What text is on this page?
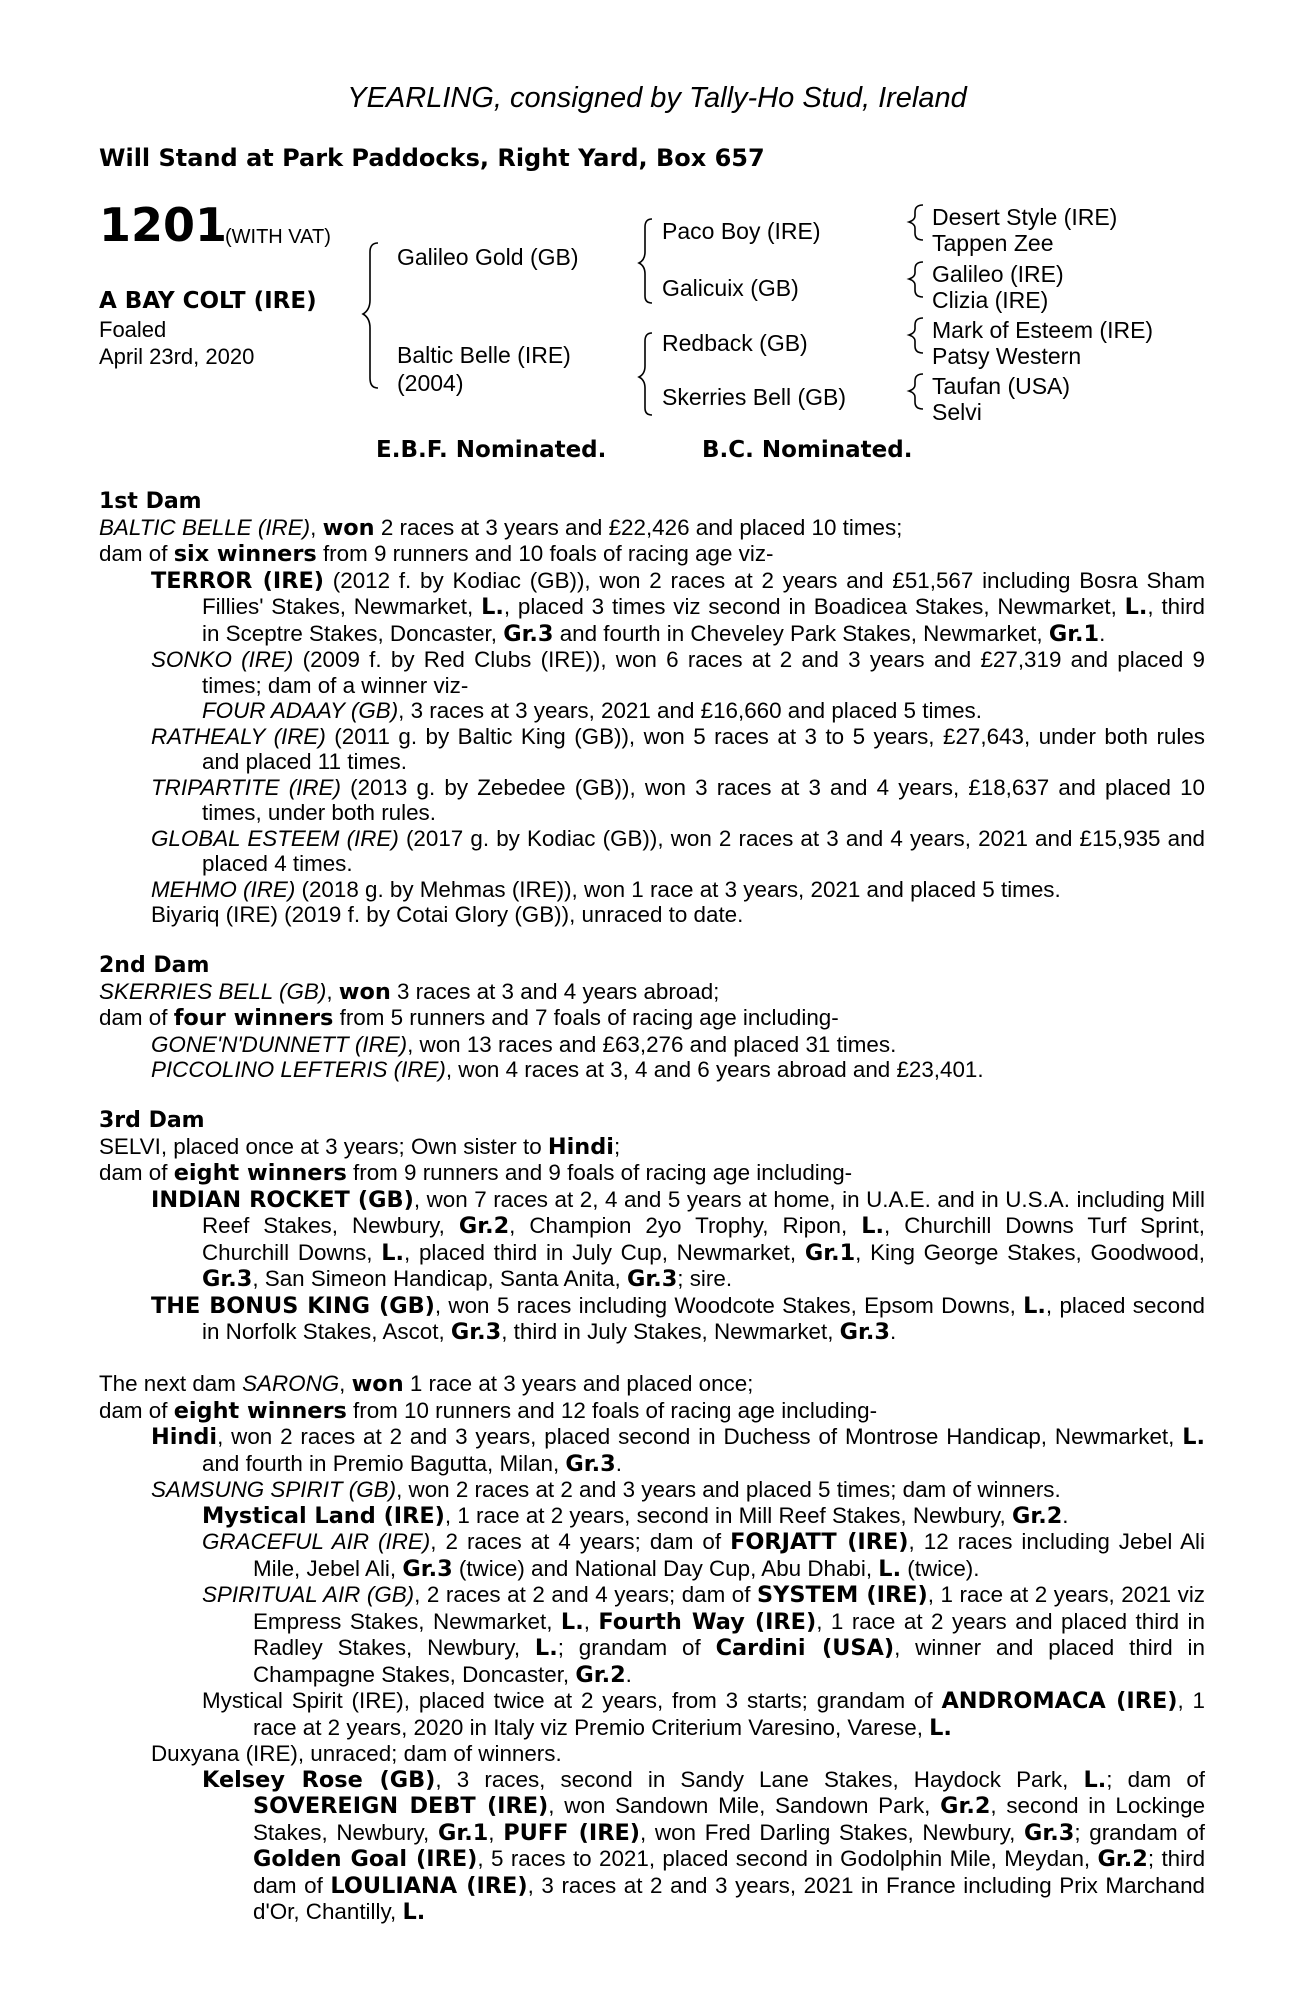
YEARLING, consigned by Tally-Ho Stud, Ireland
Will Stand at Park Paddocks, Right Yard, Box 657
1201
(WITH VAT)
A BAY COLT (IRE)
Foaled
April 23rd, 2020
Galileo Gold (GB)
Baltic Belle (IRE)
(2004)
Paco Boy (IRE)
Galicuix (GB)
Redback (GB)
Skerries Bell (GB)
Desert Style (IRE)
Tappen Zee
Galileo (IRE)
Clizia (IRE)
Mark of Esteem (IRE)
Patsy Western
Taufan (USA)
Selvi
E.B.F. Nominated.	B.C. Nominated.
1st Dam
BALTIC BELLE (IRE), won 2 races at 3 years and £22,426 and placed 10 times;
dam of six winners from 9 runners and 10 foals of racing age viz-
TERROR (IRE) (2012 f. by Kodiac (GB)), won 2 races at 2 years and £51,567 including Bosra Sham Fillies' Stakes, Newmarket, L., placed 3 times viz second in Boadicea Stakes, Newmarket, L., third in Sceptre Stakes, Doncaster, Gr.3 and fourth in Cheveley Park Stakes, Newmarket, Gr.1.
SONKO (IRE) (2009 f. by Red Clubs (IRE)), won 6 races at 2 and 3 years and £27,319 and placed 9 times; dam of a winner viz-
FOUR ADAAY (GB), 3 races at 3 years, 2021 and £16,660 and placed 5 times.
RATHEALY (IRE) (2011 g. by Baltic King (GB)), won 5 races at 3 to 5 years, £27,643, under both rules and placed 11 times.
TRIPARTITE (IRE) (2013 g. by Zebedee (GB)), won 3 races at 3 and 4 years, £18,637 and placed 10 times, under both rules.
GLOBAL ESTEEM (IRE) (2017 g. by Kodiac (GB)), won 2 races at 3 and 4 years, 2021 and £15,935 and placed 4 times.
MEHMO (IRE) (2018 g. by Mehmas (IRE)), won 1 race at 3 years, 2021 and placed 5 times.
Biyariq (IRE) (2019 f. by Cotai Glory (GB)), unraced to date.
2nd Dam
SKERRIES BELL (GB), won 3 races at 3 and 4 years abroad;
dam of four winners from 5 runners and 7 foals of racing age including-
GONE'N'DUNNETT (IRE), won 13 races and £63,276 and placed 31 times.
PICCOLINO LEFTERIS (IRE), won 4 races at 3, 4 and 6 years abroad and £23,401.
3rd Dam
SELVI, placed once at 3 years; Own sister to Hindi;
dam of eight winners from 9 runners and 9 foals of racing age including-
INDIAN ROCKET (GB), won 7 races at 2, 4 and 5 years at home, in U.A.E. and in U.S.A. including Mill Reef Stakes, Newbury, Gr.2, Champion 2yo Trophy, Ripon, L., Churchill Downs Turf Sprint, Churchill Downs, L., placed third in July Cup, Newmarket, Gr.1, King George Stakes, Goodwood, Gr.3, San Simeon Handicap, Santa Anita, Gr.3; sire.
THE BONUS KING (GB), won 5 races including Woodcote Stakes, Epsom Downs, L., placed second in Norfolk Stakes, Ascot, Gr.3, third in July Stakes, Newmarket, Gr.3.
The next dam SARONG, won 1 race at 3 years and placed once;
dam of eight winners from 10 runners and 12 foals of racing age including-
Hindi, won 2 races at 2 and 3 years, placed second in Duchess of Montrose Handicap, Newmarket, L. and fourth in Premio Bagutta, Milan, Gr.3.
SAMSUNG SPIRIT (GB), won 2 races at 2 and 3 years and placed 5 times; dam of winners.
Mystical Land (IRE), 1 race at 2 years, second in Mill Reef Stakes, Newbury, Gr.2.
GRACEFUL AIR (IRE), 2 races at 4 years; dam of FORJATT (IRE), 12 races including Jebel Ali Mile, Jebel Ali, Gr.3 (twice) and National Day Cup, Abu Dhabi, L. (twice).
SPIRITUAL AIR (GB), 2 races at 2 and 4 years; dam of SYSTEM (IRE), 1 race at 2 years, 2021 viz Empress Stakes, Newmarket, L., Fourth Way (IRE), 1 race at 2 years and placed third in Radley Stakes, Newbury, L.; grandam of Cardini (USA), winner and placed third in Champagne Stakes, Doncaster, Gr.2.
Mystical Spirit (IRE), placed twice at 2 years, from 3 starts; grandam of ANDROMACA (IRE), 1 race at 2 years, 2020 in Italy viz Premio Criterium Varesino, Varese, L.
Duxyana (IRE), unraced; dam of winners.
Kelsey Rose (GB), 3 races, second in Sandy Lane Stakes, Haydock Park, L.; dam of SOVEREIGN DEBT (IRE), won Sandown Mile, Sandown Park, Gr.2, second in Lockinge Stakes, Newbury, Gr.1, PUFF (IRE), won Fred Darling Stakes, Newbury, Gr.3; grandam of Golden Goal (IRE), 5 races to 2021, placed second in Godolphin Mile, Meydan, Gr.2; third dam of LOULIANA (IRE), 3 races at 2 and 3 years, 2021 in France including Prix Marchand d'Or, Chantilly, L.
